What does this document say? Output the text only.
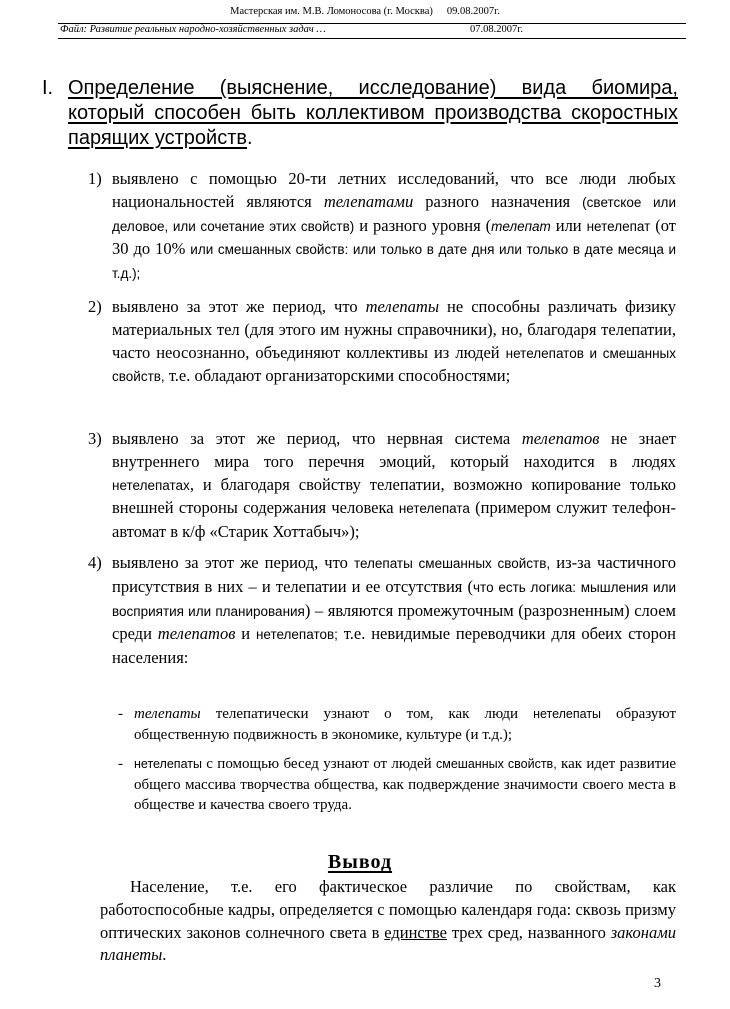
Мастерская им. М.В. Ломоносова (г. Москва) 09.08.2007г.
Файл: Развитие реальных народно-хозяйственных задач …	07.08.2007г.
I. Определение (выяснение, исследование) вида биомира, который способен быть коллективом производства скоростных парящих устройств.
1) выявлено с помощью 20-ти летних исследований, что все люди любых национальностей являются телепатами разного назначения (светское или деловое, или сочетание этих свойств) и разного уровня (телепат или нетелепат (от 30 до 10% или смешанных свойств: или только в дате дня или только в дате месяца и т.д.);
2) выявлено за этот же период, что телепаты не способны различать физику материальных тел (для этого им нужны справочники), но, благодаря телепатии, часто неосознанно, объединяют коллективы из людей нетелепатов и смешанных свойств, т.е. обладают организаторскими способностями;
3) выявлено за этот же период, что нервная система телепатов не знает внутреннего мира того перечня эмоций, который находится в людях нетелепатах, и благодаря свойству телепатии, возможно копирование только внешней стороны содержания человека нетелепата (примером служит телефон-автомат в к/ф «Старик Хоттабыч»);
4) выявлено за этот же период, что телепаты смешанных свойств, из-за частичного присутствия в них – и телепатии и ее отсутствия (что есть логика: мышления или восприятия или планирования) – являются промежуточным (разрозненным) слоем среди телепатов и нетелепатов; т.е. невидимые переводчики для обеих сторон населения:
- телепаты телепатически узнают о том, как люди нетелепаты образуют общественную подвижность в экономике, культуре (и т.д.);
- нетелепаты с помощью бесед узнают от людей смешанных свойств, как идет развитие общего массива творчества общества, как подверждение значимости своего места в обществе и качества своего труда.
Вывод
Население, т.е. его фактическое различие по свойствам, как работоспособные кадры, определяется с помощью календаря года: сквозь призму оптических законов солнечного света в единстве трех сред, названного законами планеты.
3
